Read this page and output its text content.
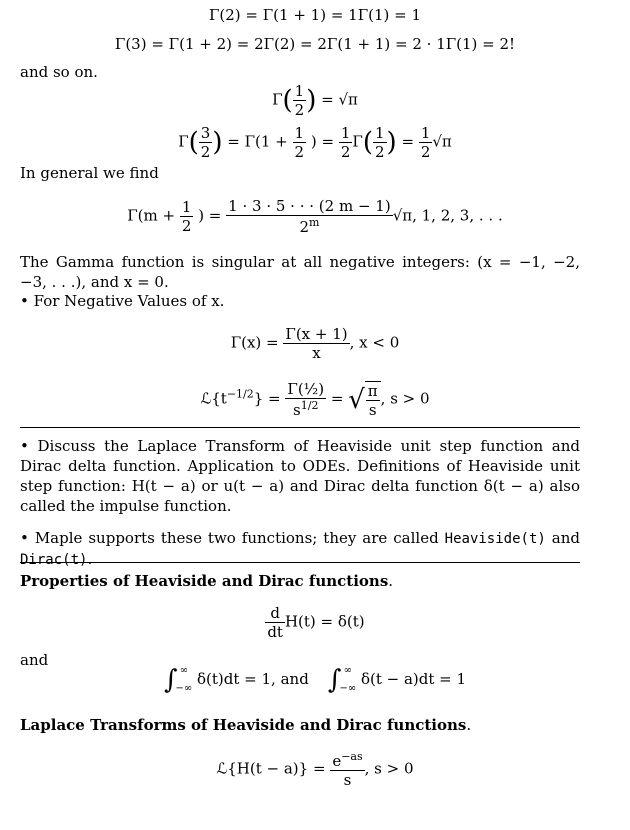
Γ(2) = Γ(1 + 1) = 1Γ(1) = 1
Γ(3) = Γ(1 + 2) = 2Γ(2) = 2Γ(1 + 1) = 2 · 1Γ(1) = 2!
and so on.
$\Gamma( \frac{1}{2}$ ) = √π
$\Gamma( \frac{3}{2}$ ) = $\Gamma(1 + \frac{1}{2}$ ) = $\frac{1}{2} \Gamma( \frac{1}{2}$ ) = $\frac{1}{2} √\pi$
In general we find
$\Gamma(m + \frac{1}{2}$ ) = $\frac{1 \cdot 3 \cdot 5 \cdot \cdot \cdot (2 m - 1)}{2^m} √\pi$, 1, 2, 3, . . .
The Gamma function is singular at all negative integers: (x = −1, −2, −3, . . .), and x = 0.
• For Negative Values of x.
$\Gamma(x) = \frac{\Gamma(x + 1)}{x}$ , x < 0
$ℒ\{t^{-1/2}\} = \frac{\text{Γ(½)}}{s^{1/2}}$ = √ $\frac{\pi}{s}$ , s > 0
• Discuss the Laplace Transform of Heaviside unit step function and Dirac delta function. Application to ODEs. Definitions of Heaviside unit step function: H(t − a) or u(t − a) and Dirac delta function δ(t − a) also called the impulse function.
• Maple supports these two functions; they are called Heaviside(t) and Dirac(t).
Properties of Heaviside and Dirac functions.
$\frac{d}{dt} H(t) = \delta(t)$
and
∫ ∞
−∞
δ(t)dt = 1, and ∫ ∞
−∞
δ(t − a)dt = 1
Laplace Transforms of Heaviside and Dirac functions.
ℒ{H(t − $a)\} = \frac{e^{-as}}{s}$ , s > 0
